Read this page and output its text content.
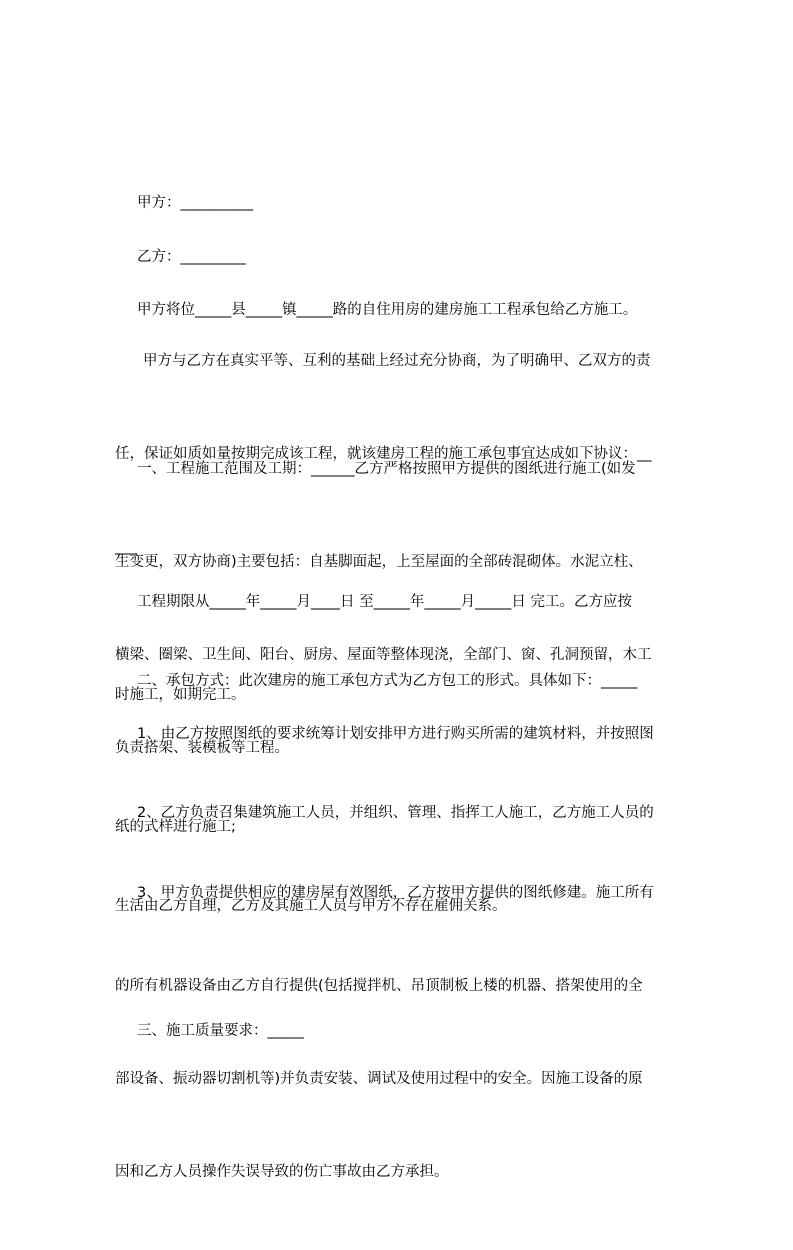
甲方：__________

乙方：_________

甲方将位_____县_____镇_____路的自住用房的建房施工工程承包给乙方施工。

甲方与乙方在真实平等、互利的基础上经过充分协商，为了明确甲、乙双方的责

任，保证如质如量按期完成该工程，就该建房工程的施工承包事宜达成如下协议：__

___

一、工程施工范围及工期：______乙方严格按照甲方提供的图纸进行施工(如发

生变更，双方协商)主要包括：自基脚面起，上至屋面的全部砖混砌体。水泥立柱、

横梁、圈梁、卫生间、阳台、厨房、屋面等整体现浇，全部门、窗、孔洞预留，木工

负责搭架、装模板等工程。

工程期限从_____年_____月____日 至_____年_____月_____日 完工。乙方应按

时施工，如期完工。

二、承包方式：此次建房的施工承包方式为乙方包工的形式。具体如下：_____

1、由乙方按照图纸的要求统筹计划安排甲方进行购买所需的建筑材料，并按照图

纸的式样进行施工;

2、乙方负责召集建筑施工人员，并组织、管理、指挥工人施工，乙方施工人员的

生活由乙方自理，乙方及其施工人员与甲方不存在雇佣关系。

3、甲方负责提供相应的建房屋有效图纸，乙方按甲方提供的图纸修建。施工所有

的所有机器设备由乙方自行提供(包括搅拌机、吊顶制板上楼的机器、搭架使用的全

部设备、振动器切割机等)并负责安装、调试及使用过程中的安全。因施工设备的原

因和乙方人员操作失误导致的伤亡事故由乙方承担。

三、施工质量要求：_____
